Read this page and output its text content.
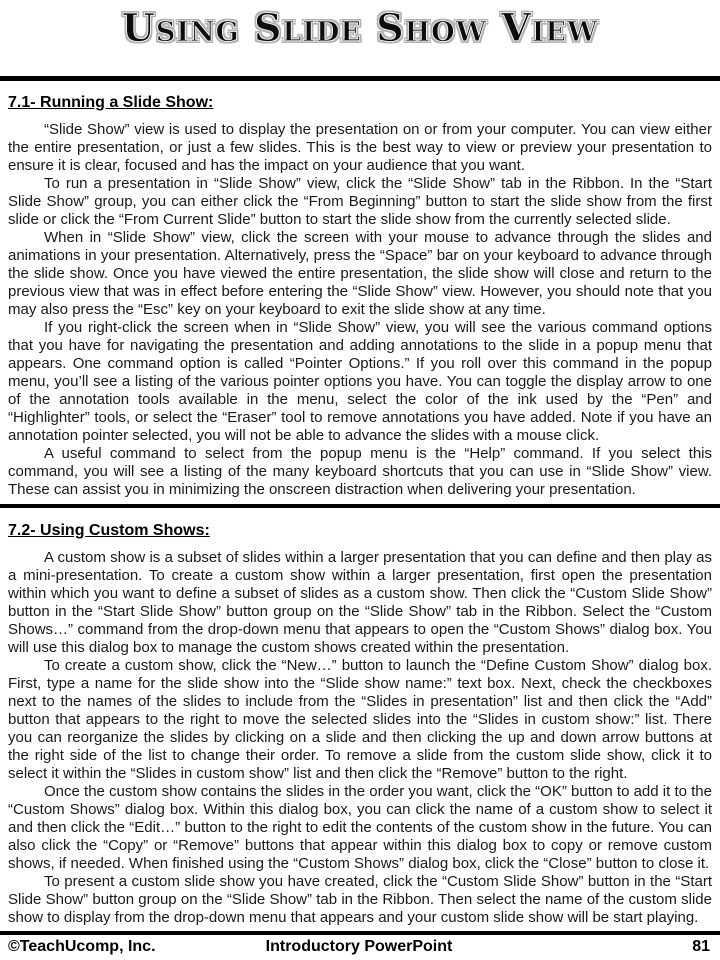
Using Slide Show View
7.1- Running a Slide Show:

“Slide Show” view is used to display the presentation on or from your computer. You can view either the entire presentation, or just a few slides. This is the best way to view or preview your presentation to ensure it is clear, focused and has the impact on your audience that you want.

To run a presentation in “Slide Show” view, click the “Slide Show” tab in the Ribbon. In the “Start Slide Show” group, you can either click the “From Beginning” button to start the slide show from the first slide or click the “From Current Slide” button to start the slide show from the currently selected slide.

When in “Slide Show” view, click the screen with your mouse to advance through the slides and animations in your presentation. Alternatively, press the “Space” bar on your keyboard to advance through the slide show. Once you have viewed the entire presentation, the slide show will close and return to the previous view that was in effect before entering the “Slide Show” view. However, you should note that you may also press the “Esc” key on your keyboard to exit the slide show at any time.

If you right-click the screen when in “Slide Show” view, you will see the various command options that you have for navigating the presentation and adding annotations to the slide in a popup menu that appears. One command option is called “Pointer Options.” If you roll over this command in the popup menu, you’ll see a listing of the various pointer options you have. You can toggle the display arrow to one of the annotation tools available in the menu, select the color of the ink used by the “Pen” and “Highlighter” tools, or select the “Eraser” tool to remove annotations you have added. Note if you have an annotation pointer selected, you will not be able to advance the slides with a mouse click.

A useful command to select from the popup menu is the “Help” command. If you select this command, you will see a listing of the many keyboard shortcuts that you can use in “Slide Show” view. These can assist you in minimizing the onscreen distraction when delivering your presentation.

7.2- Using Custom Shows:

A custom show is a subset of slides within a larger presentation that you can define and then play as a mini-presentation. To create a custom show within a larger presentation, first open the presentation within which you want to define a subset of slides as a custom show. Then click the “Custom Slide Show” button in the “Start Slide Show” button group on the “Slide Show” tab in the Ribbon. Select the “Custom Shows…” command from the drop-down menu that appears to open the “Custom Shows” dialog box. You will use this dialog box to manage the custom shows created within the presentation.

To create a custom show, click the “New…” button to launch the “Define Custom Show” dialog box. First, type a name for the slide show into the “Slide show name:” text box. Next, check the checkboxes next to the names of the slides to include from the “Slides in presentation” list and then click the “Add” button that appears to the right to move the selected slides into the “Slides in custom show:” list. There you can reorganize the slides by clicking on a slide and then clicking the up and down arrow buttons at the right side of the list to change their order. To remove a slide from the custom slide show, click it to select it within the “Slides in custom show” list and then click the “Remove” button to the right.

Once the custom show contains the slides in the order you want, click the “OK” button to add it to the “Custom Shows” dialog box. Within this dialog box, you can click the name of a custom show to select it and then click the “Edit…” button to the right to edit the contents of the custom show in the future. You can also click the “Copy” or “Remove” buttons that appear within this dialog box to copy or remove custom shows, if needed. When finished using the “Custom Shows” dialog box, click the “Close” button to close it.

To present a custom slide show you have created, click the “Custom Slide Show” button in the “Start Slide Show” button group on the “Slide Show” tab in the Ribbon. Then select the name of the custom slide show to display from the drop-down menu that appears and your custom slide show will be start playing.

©TeachUcomp, Inc.	Introductory PowerPoint	81
